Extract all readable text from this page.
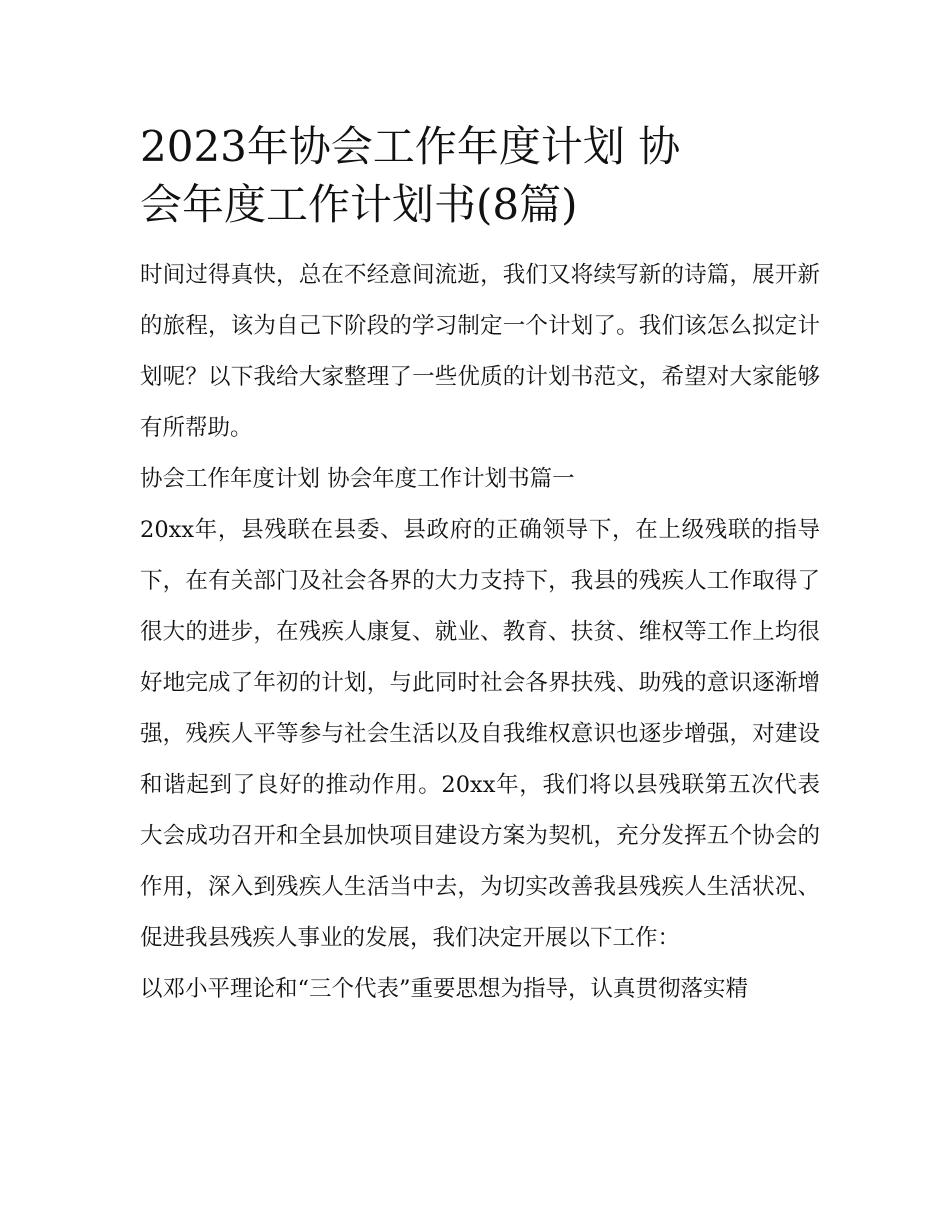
2023年协会工作年度计划 协
会年度工作计划书(8篇)

时间过得真快，总在不经意间流逝，我们又将续写新的诗篇，展开新的旅程，该为自己下阶段的学习制定一个计划了。我们该怎么拟定计划呢？以下我给大家整理了一些优质的计划书范文，希望对大家能够有所帮助。

协会工作年度计划 协会年度工作计划书篇一

20xx年，县残联在县委、县政府的正确领导下，在上级残联的指导下，在有关部门及社会各界的大力支持下，我县的残疾人工作取得了很大的进步，在残疾人康复、就业、教育、扶贫、维权等工作上均很好地完成了年初的计划，与此同时社会各界扶残、助残的意识逐渐增强，残疾人平等参与社会生活以及自我维权意识也逐步增强，对建设和谐起到了良好的推动作用。20xx年，我们将以县残联第五次代表大会成功召开和全县加快项目建设方案为契机，充分发挥五个协会的作用，深入到残疾人生活当中去，为切实改善我县残疾人生活状况、促进我县残疾人事业的发展，我们决定开展以下工作：

以邓小平理论和“三个代表”重要思想为指导，认真贯彻落实精
